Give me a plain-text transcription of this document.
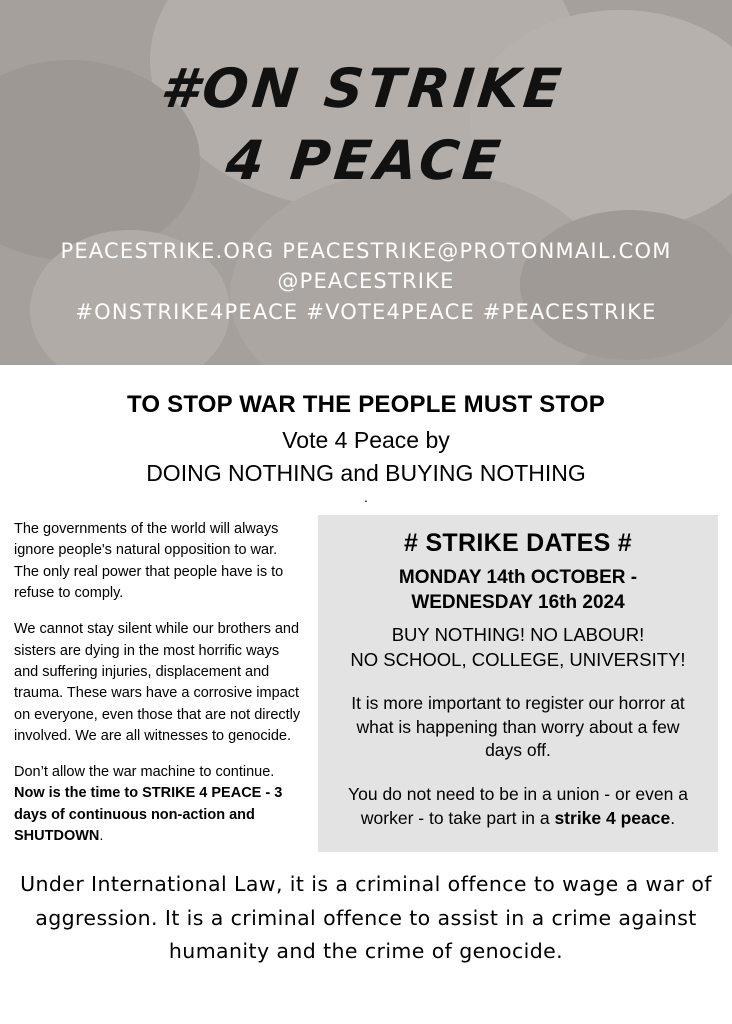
#ON STRIKE
4 PEACE
PEACESTRIKE.ORG PEACESTRIKE@PROTONMAIL.COM
@PEACESTRIKE
#ONSTRIKE4PEACE #VOTE4PEACE #PEACESTRIKE
TO STOP WAR THE PEOPLE MUST STOP
Vote 4 Peace by
DOING NOTHING and BUYING NOTHING
.

The governments of the world will always ignore people's natural opposition to war. The only real power that people have is to refuse to comply.

We cannot stay silent while our brothers and sisters are dying in the most horrific ways and suffering injuries, displacement and trauma. These wars have a corrosive impact on everyone, even those that are not directly involved. We are all witnesses to genocide.

Don’t allow the war machine to continue. Now is the time to STRIKE 4 PEACE - 3 days of continuous non-action and SHUTDOWN.

# STRIKE DATES #
MONDAY 14th OCTOBER -
WEDNESDAY 16th 2024
BUY NOTHING! NO LABOUR!
NO SCHOOL, COLLEGE, UNIVERSITY!
It is more important to register our horror at what is happening than worry about a few days off.
You do not need to be in a union - or even a worker - to take part in a strike 4 peace.
Under International Law, it is a criminal offence to wage a war of aggression. It is a criminal offence to assist in a crime against humanity and the crime of genocide.
